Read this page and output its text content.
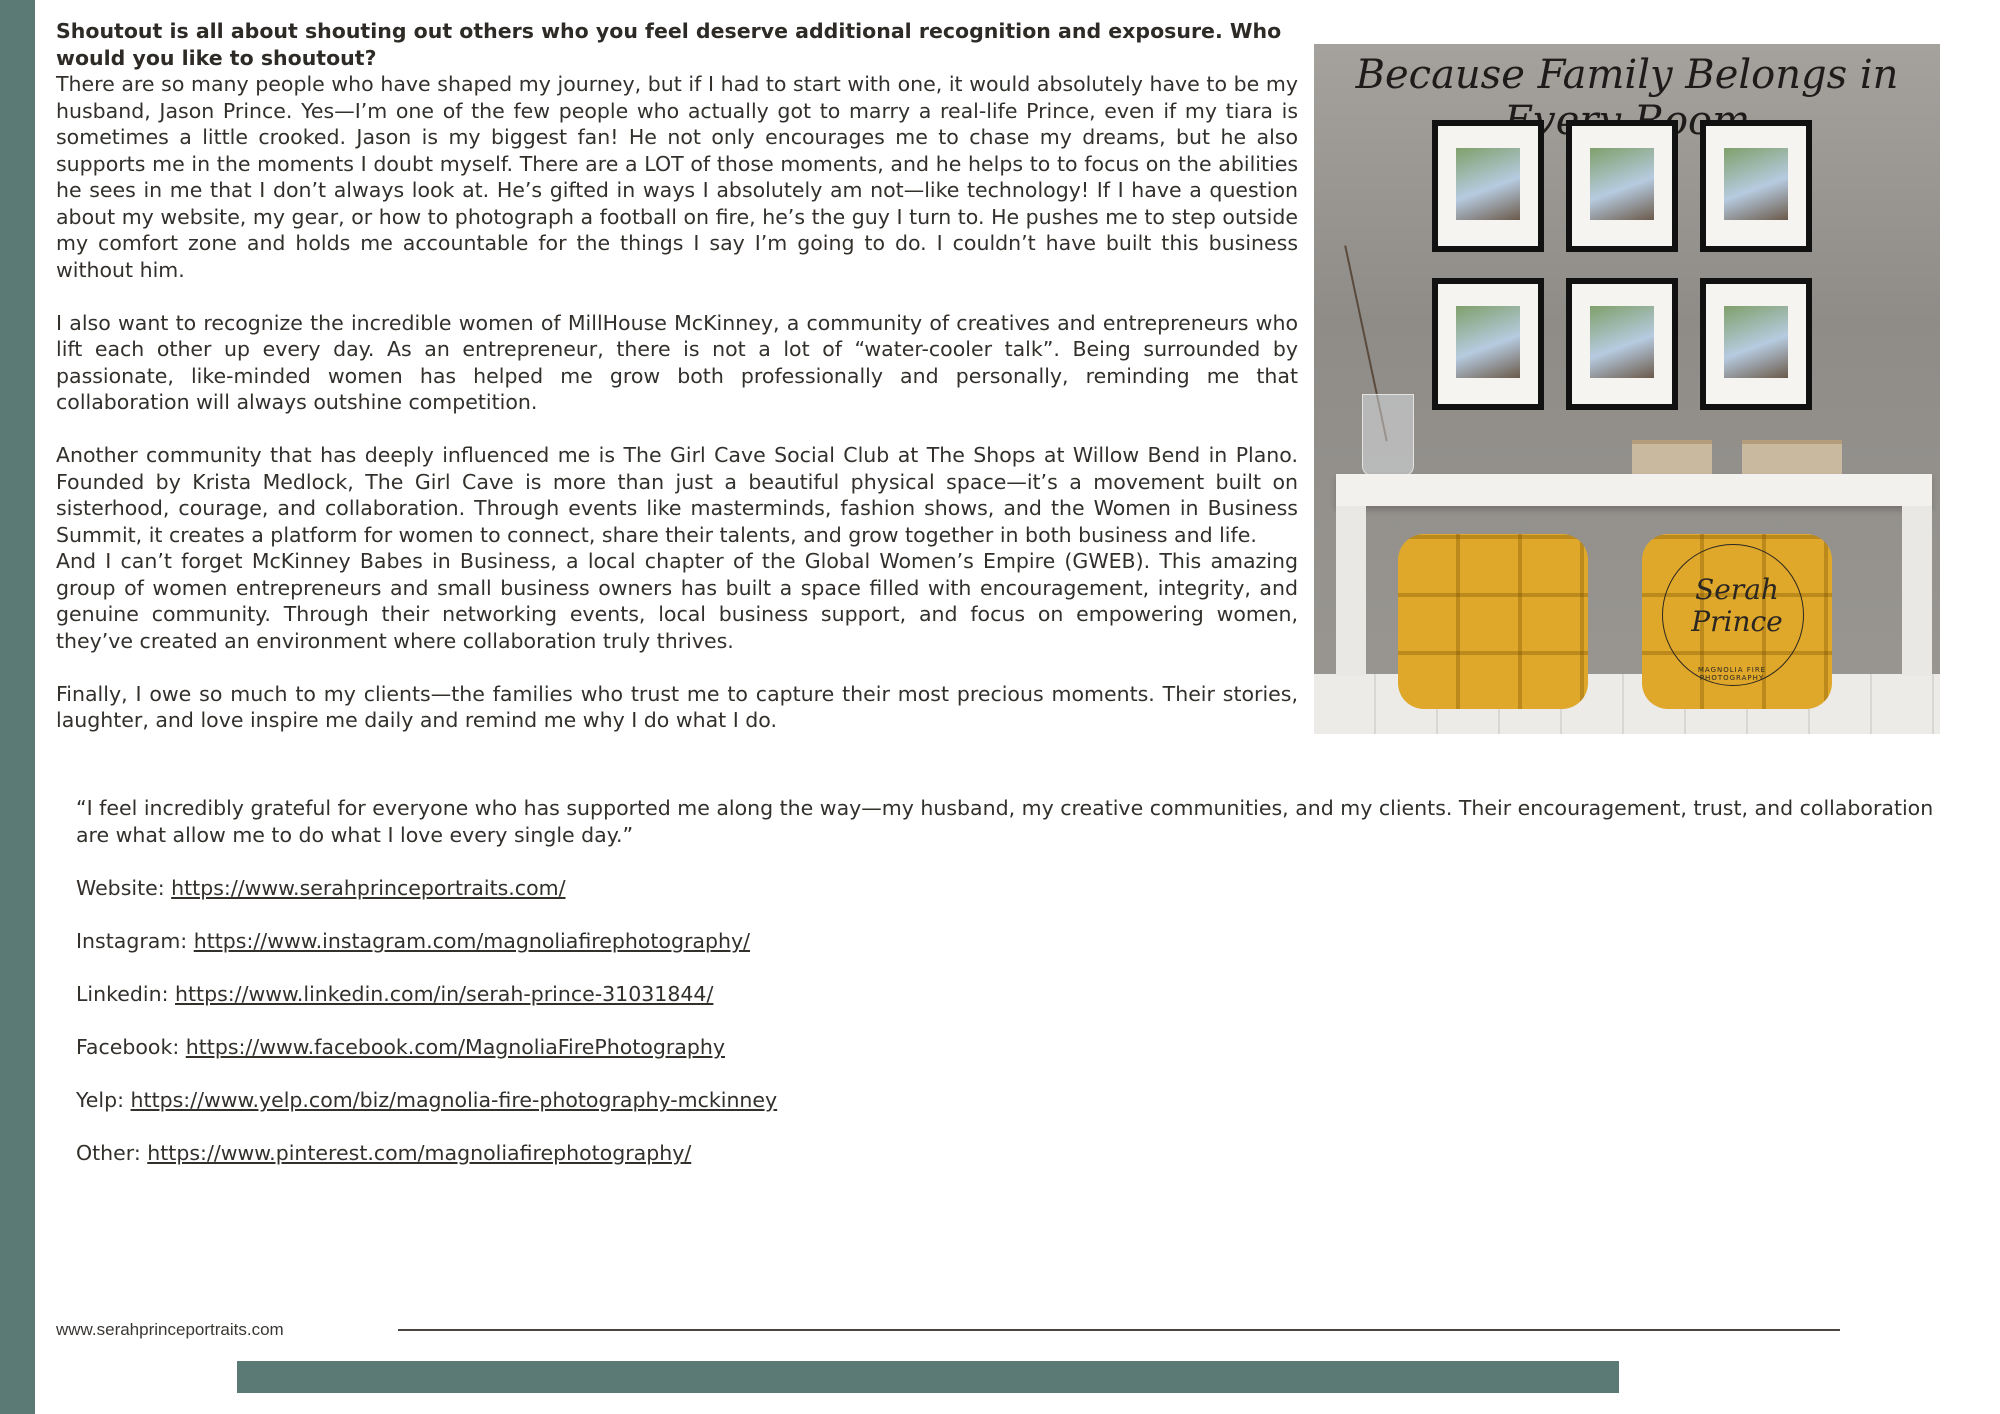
Shoutout is all about shouting out others who you feel deserve additional recognition and exposure. Who would you like to shoutout?

There are so many people who have shaped my journey, but if I had to start with one, it would absolutely have to be my husband, Jason Prince. Yes—I’m one of the few people who actually got to marry a real-life Prince, even if my tiara is sometimes a little crooked. Jason is my biggest fan! He not only encourages me to chase my dreams, but he also supports me in the moments I doubt myself. There are a LOT of those moments, and he helps to to focus on the abilities he sees in me that I don’t always look at. He’s gifted in ways I absolutely am not—like technology! If I have a question about my website, my gear, or how to photograph a football on fire, he’s the guy I turn to. He pushes me to step outside my comfort zone and holds me accountable for the things I say I’m going to do. I couldn’t have built this business without him.

I also want to recognize the incredible women of MillHouse McKinney, a community of creatives and entrepreneurs who lift each other up every day. As an entrepreneur, there is not a lot of “water-cooler talk”. Being surrounded by passionate, like-minded women has helped me grow both professionally and personally, reminding me that collaboration will always outshine competition.

Another community that has deeply influenced me is The Girl Cave Social Club at The Shops at Willow Bend in Plano. Founded by Krista Medlock, The Girl Cave is more than just a beautiful physical space—it’s a movement built on sisterhood, courage, and collaboration. Through events like masterminds, fashion shows, and the Women in Business Summit, it creates a platform for women to connect, share their talents, and grow together in both business and life.

And I can’t forget McKinney Babes in Business, a local chapter of the Global Women’s Empire (GWEB). This amazing group of women entrepreneurs and small business owners has built a space filled with encouragement, integrity, and genuine community. Through their networking events, local business support, and focus on empowering women, they’ve created an environment where collaboration truly thrives.

Finally, I owe so much to my clients—the families who trust me to capture their most precious moments. Their stories, laughter, and love inspire me daily and remind me why I do what I do.

Because Family Belongs in Every Room
Serah Prince
MAGNOLIA FIRE PHOTOGRAPHY

“I feel incredibly grateful for everyone who has supported me along the way—my husband, my creative communities, and my clients. Their encouragement, trust, and collaboration are what allow me to do what I love every single day.”

Website: https://www.serahprinceportraits.com/

Instagram: https://www.instagram.com/magnoliafirephotography/

Linkedin: https://www.linkedin.com/in/serah-prince-31031844/

Facebook: https://www.facebook.com/MagnoliaFirePhotography

Yelp: https://www.yelp.com/biz/magnolia-fire-photography-mckinney

Other: https://www.pinterest.com/magnoliafirephotography/

www.serahprinceportraits.com
